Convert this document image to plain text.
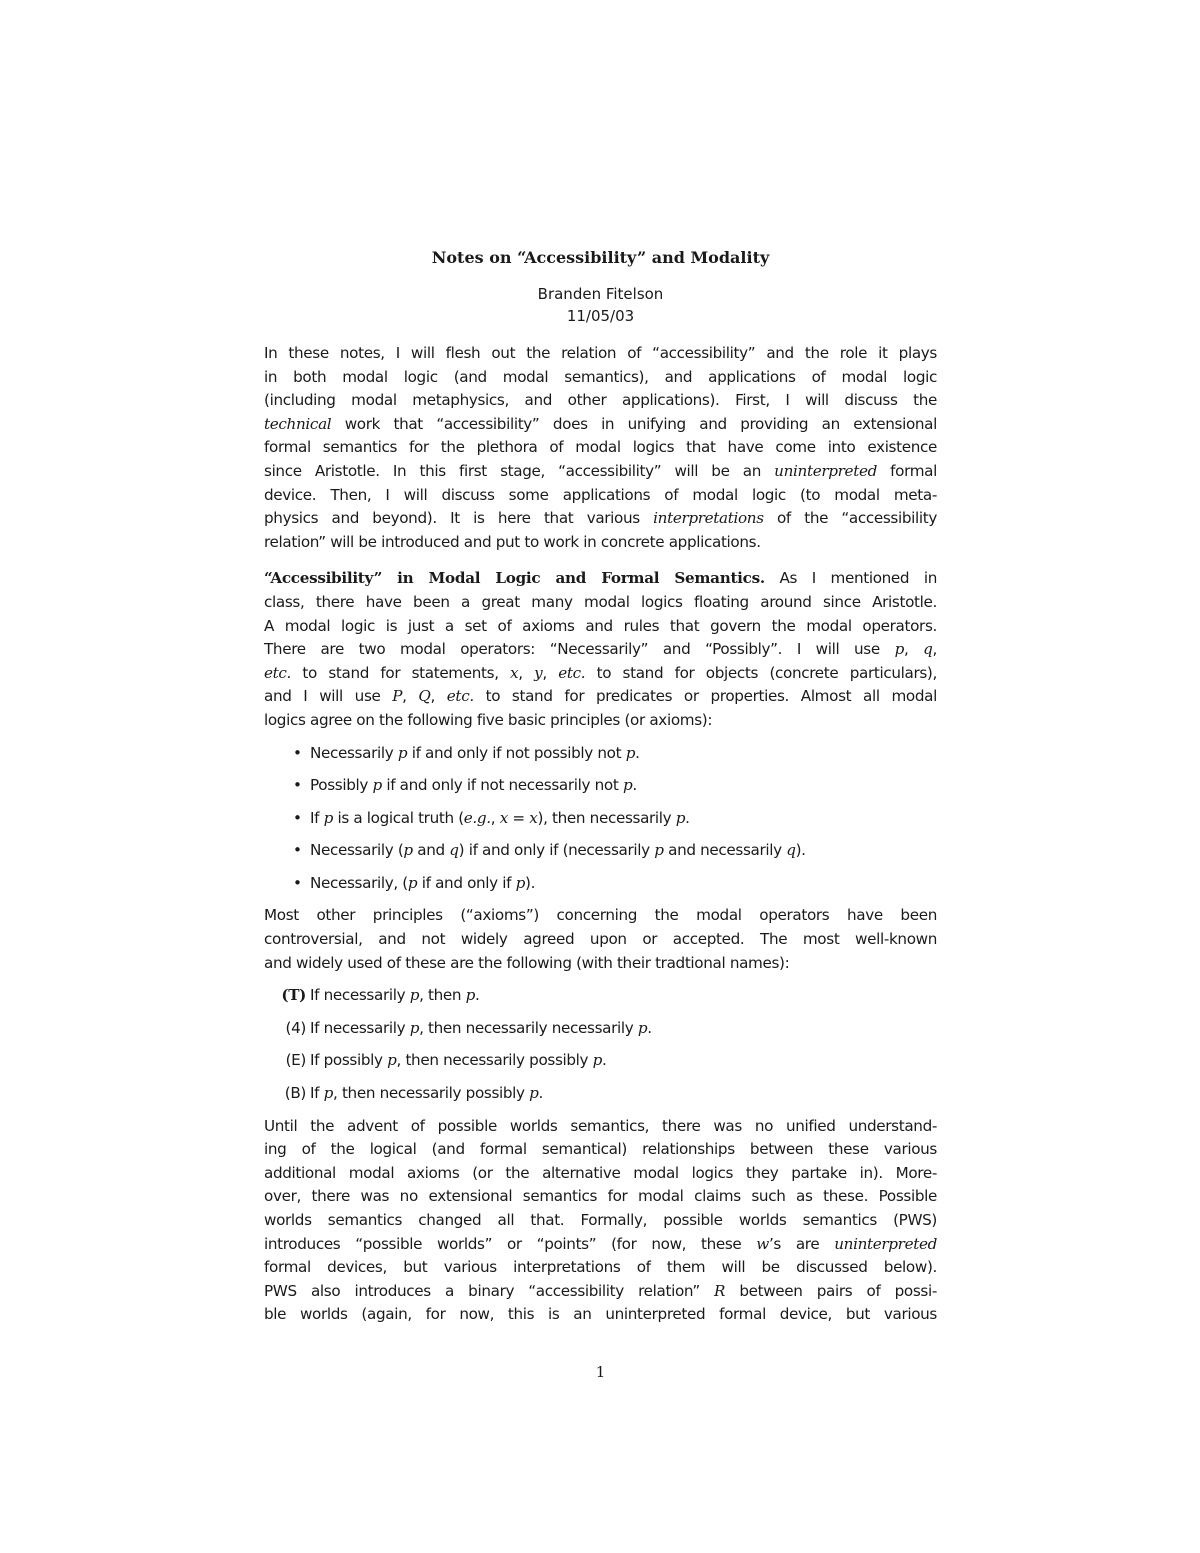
Notes on “Accessibility” and Modality
Branden Fitelson
11/05/03

In these notes, I will flesh out the relation of “accessibility” and the role it plays
in both modal logic (and modal semantics), and applications of modal logic
(including modal metaphysics, and other applications). First, I will discuss the
technical work that “accessibility” does in unifying and providing an extensional
formal semantics for the plethora of modal logics that have come into existence
since Aristotle. In this first stage, “accessibility” will be an uninterpreted formal
device. Then, I will discuss some applications of modal logic (to modal meta-
physics and beyond). It is here that various interpretations of the “accessibility
relation” will be introduced and put to work in concrete applications.

“Accessibility” in Modal Logic and Formal Semantics. As I mentioned in
class, there have been a great many modal logics floating around since Aristotle.
A modal logic is just a set of axioms and rules that govern the modal operators.
There are two modal operators: “Necessarily” and “Possibly”. I will use p, q,
etc. to stand for statements, x, y, etc. to stand for objects (concrete particulars),
and I will use P, Q, etc. to stand for predicates or properties. Almost all modal
logics agree on the following five basic principles (or axioms):

• Necessarily p if and only if not possibly not p.
• Possibly p if and only if not necessarily not p.
• If p is a logical truth (e.g., x = x), then necessarily p.
• Necessarily (p and q) if and only if (necessarily p and necessarily q).
• Necessarily, (p if and only if p).

Most other principles (“axioms”) concerning the modal operators have been
controversial, and not widely agreed upon or accepted. The most well-known
and widely used of these are the following (with their tradtional names):

(T) If necessarily p, then p.
(4) If necessarily p, then necessarily necessarily p.
(E) If possibly p, then necessarily possibly p.
(B) If p, then necessarily possibly p.

Until the advent of possible worlds semantics, there was no unified understand-
ing of the logical (and formal semantical) relationships between these various
additional modal axioms (or the alternative modal logics they partake in). More-
over, there was no extensional semantics for modal claims such as these. Possible
worlds semantics changed all that. Formally, possible worlds semantics (PWS)
introduces “possible worlds” or “points” (for now, these w’s are uninterpreted
formal devices, but various interpretations of them will be discussed below).
PWS also introduces a binary “accessibility relation” R between pairs of possi-
ble worlds (again, for now, this is an uninterpreted formal device, but various

1
